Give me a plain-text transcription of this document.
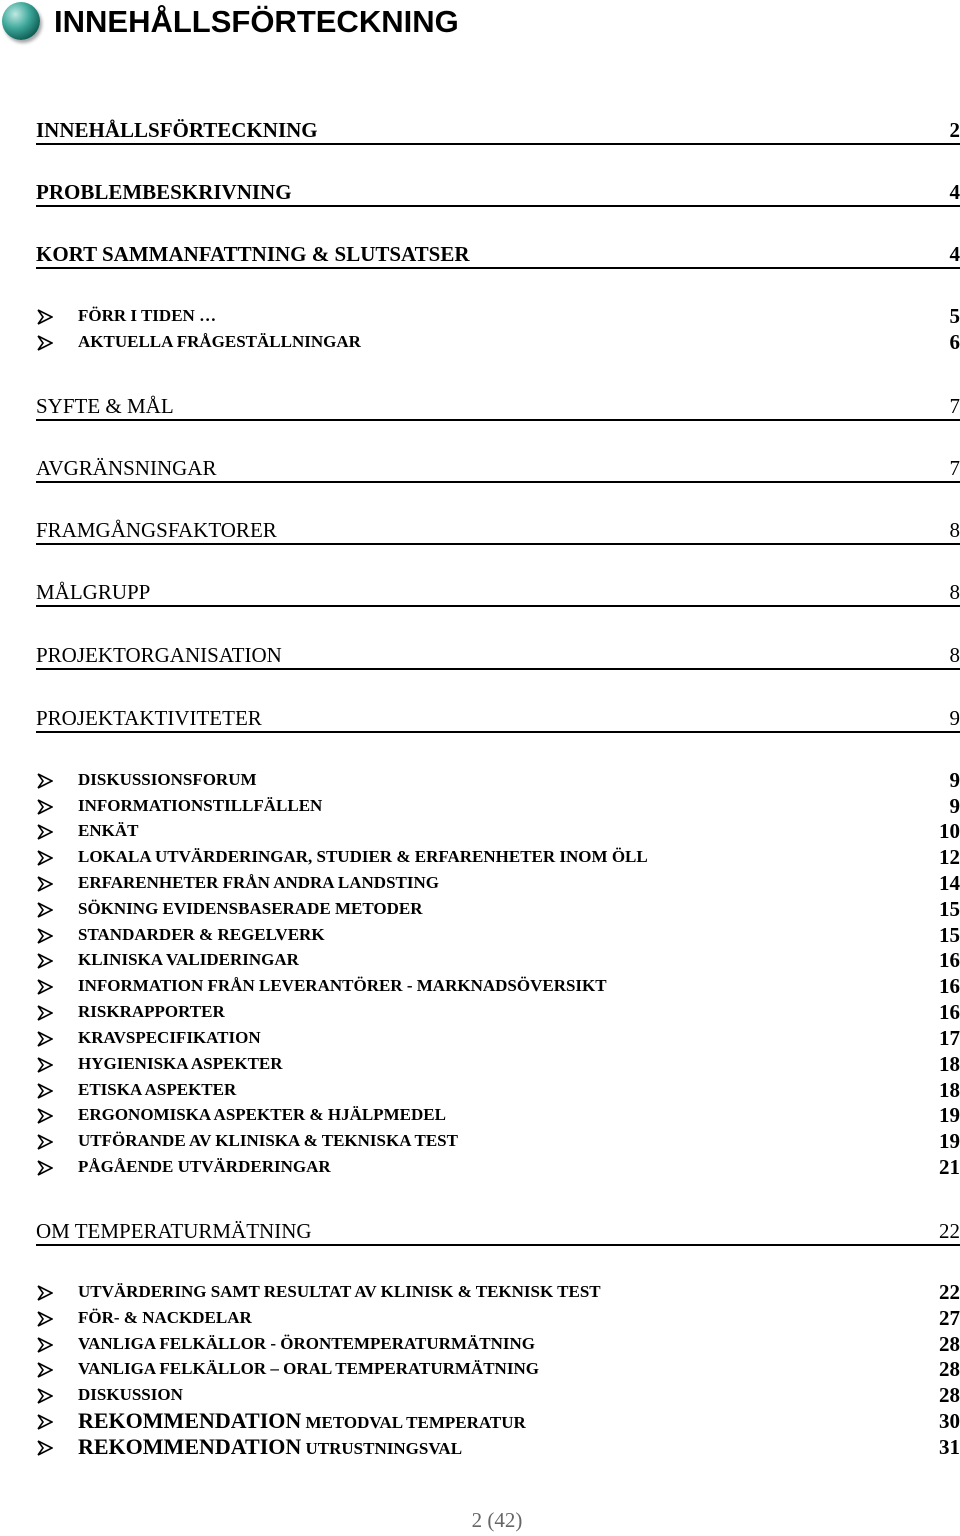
INNEHÅLLSFÖRTECKNING
INNEHÅLLSFÖRTECKNING	2
PROBLEMBESKRIVNING	4
KORT SAMMANFATTNING & SLUTSATSER	4
FÖRR I TIDEN …	5
AKTUELLA FRÅGESTÄLLNINGAR	6
SYFTE & MÅL	7
AVGRÄNSNINGAR	7
FRAMGÅNGSFAKTORER	8
MÅLGRUPP	8
PROJEKTORGANISATION	8
PROJEKTAKTIVITETER	9
DISKUSSIONSFORUM	9
INFORMATIONSTILLFÄLLEN	9
ENKÄT	10
LOKALA UTVÄRDERINGAR, STUDIER & ERFARENHETER INOM ÖLL	12
ERFARENHETER FRÅN ANDRA LANDSTING	14
SÖKNING EVIDENSBASERADE METODER	15
STANDARDER & REGELVERK	15
KLINISKA VALIDERINGAR	16
INFORMATION FRÅN LEVERANTÖRER - MARKNADSÖVERSIKT	16
RISKRAPPORTER	16
KRAVSPECIFIKATION	17
HYGIENISKA ASPEKTER	18
ETISKA ASPEKTER	18
ERGONOMISKA ASPEKTER & HJÄLPMEDEL	19
UTFÖRANDE AV KLINISKA & TEKNISKA TEST	19
PÅGÅENDE UTVÄRDERINGAR	21
OM TEMPERATURMÄTNING	22
UTVÄRDERING SAMT RESULTAT AV KLINISK & TEKNISK TEST	22
FÖR- & NACKDELAR	27
VANLIGA FELKÄLLOR - ÖRONTEMPERATURMÄTNING	28
VANLIGA FELKÄLLOR – ORAL TEMPERATURMÄTNING	28
DISKUSSION	28
REKOMMENDATION METODVAL TEMPERATUR	30
REKOMMENDATION UTRUSTNINGSVAL	31
2 (42)
